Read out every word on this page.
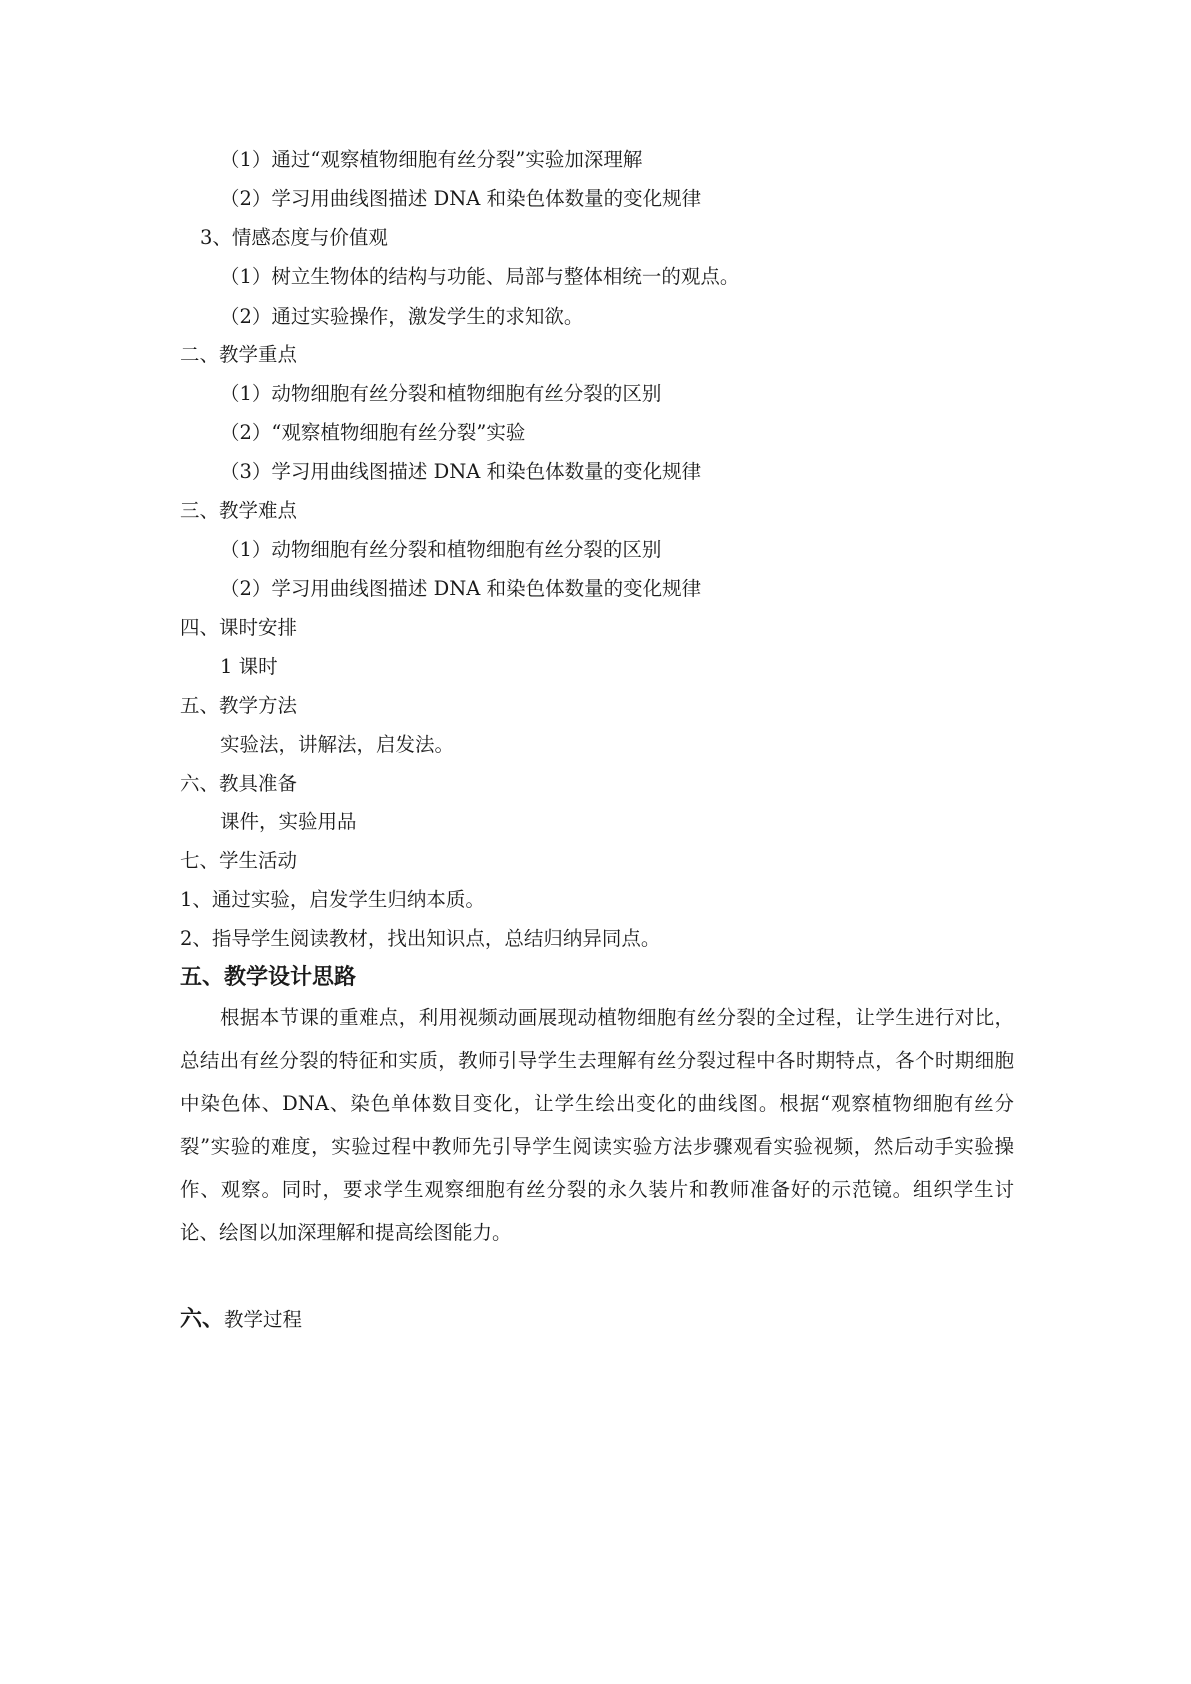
（1）通过“观察植物细胞有丝分裂”实验加深理解
（2）学习用曲线图描述 DNA 和染色体数量的变化规律
3、情感态度与价值观
（1）树立生物体的结构与功能、局部与整体相统一的观点。
（2）通过实验操作，激发学生的求知欲。
二、教学重点
（1）动物细胞有丝分裂和植物细胞有丝分裂的区别
（2）“观察植物细胞有丝分裂”实验
（3）学习用曲线图描述 DNA 和染色体数量的变化规律
三、教学难点
（1）动物细胞有丝分裂和植物细胞有丝分裂的区别
（2）学习用曲线图描述 DNA 和染色体数量的变化规律
四、课时安排
1 课时
五、教学方法
实验法，讲解法，启发法。
六、教具准备
课件，实验用品
七、学生活动
1、通过实验，启发学生归纳本质。
2、指导学生阅读教材，找出知识点，总结归纳异同点。
五、教学设计思路
根据本节课的重难点，利用视频动画展现动植物细胞有丝分裂的全过程，让学生进行对比，总结出有丝分裂的特征和实质，教师引导学生去理解有丝分裂过程中各时期特点，各个时期细胞中染色体、DNA、染色单体数目变化，让学生绘出变化的曲线图。根据“观察植物细胞有丝分裂”实验的难度，实验过程中教师先引导学生阅读实验方法步骤观看实验视频，然后动手实验操作、观察。同时，要求学生观察细胞有丝分裂的永久装片和教师准备好的示范镜。组织学生讨论、绘图以加深理解和提高绘图能力。
六、教学过程
